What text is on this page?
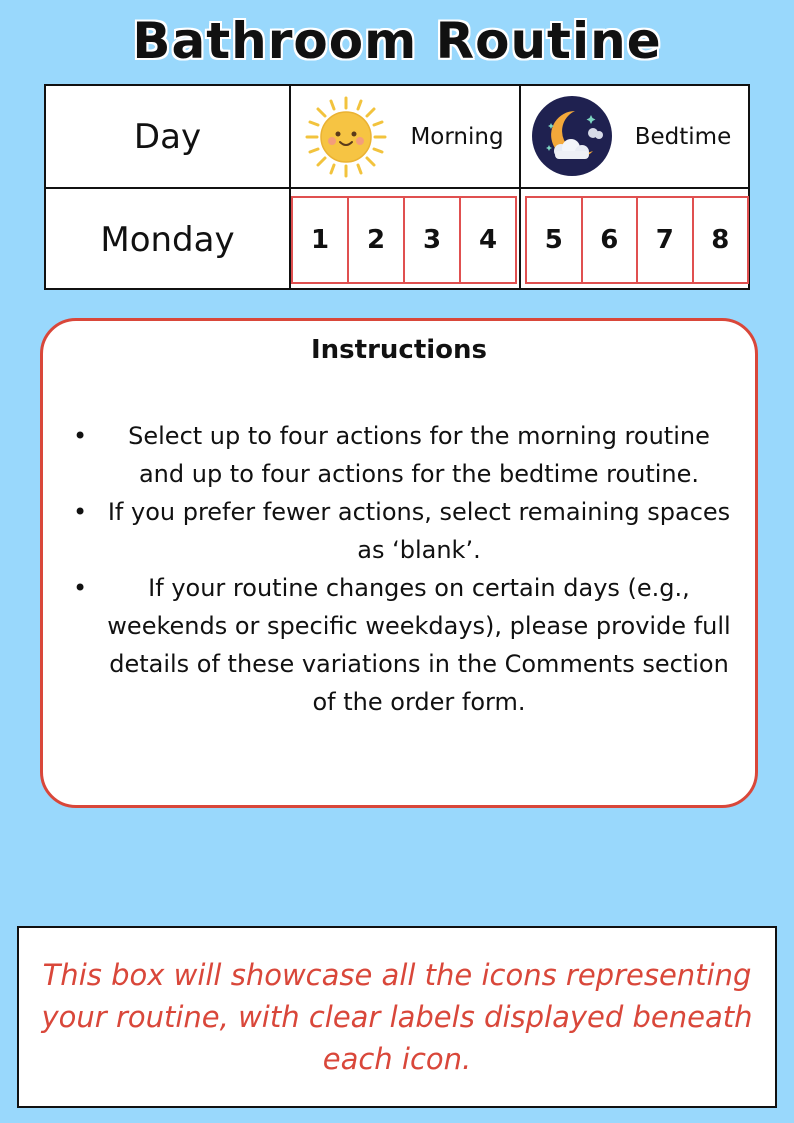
Bathroom Routine
Day	Morning	Bedtime
Monday	1	2	3	4	5	6	7	8
Instructions
• Select up to four actions for the morning routine and up to four actions for the bedtime routine.
• If you prefer fewer actions, select remaining spaces as ‘blank’.
•	If your routine changes on certain days (e.g., weekends or specific weekdays), please provide full details of these variations in the Comments section of the order form.
This box will showcase all the icons representing your routine, with clear labels displayed beneath each icon.
